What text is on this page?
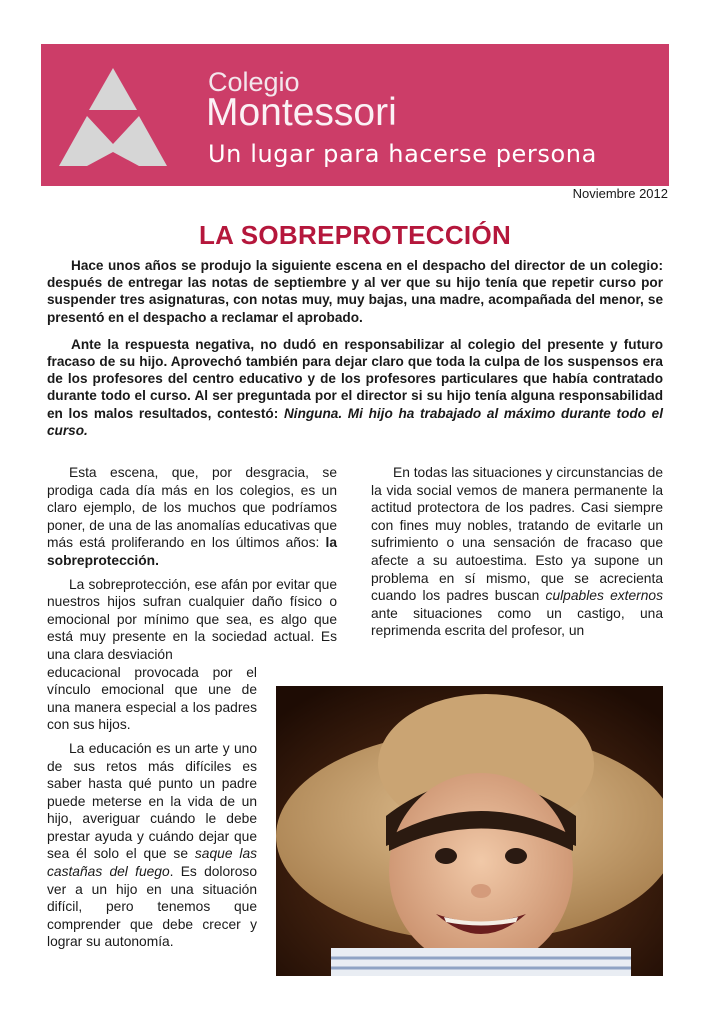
Colegio
Montessori
Un lugar para hacerse persona
Noviembre 2012
LA SOBREPROTECCIÓN

Hace unos años se produjo la siguiente escena en el despacho del director de un colegio: después de entregar las notas de septiembre y al ver que su hijo tenía que repetir curso por suspender tres asignaturas, con notas muy, muy bajas, una madre, acompañada del menor, se presentó en el despacho a reclamar el aprobado.

Ante la respuesta negativa, no dudó en responsabilizar al colegio del presente y futuro fracaso de su hijo. Aprovechó también para dejar claro que toda la culpa de los suspensos era de los profesores del centro educativo y de los profesores particulares que había contratado durante todo el curso. Al ser preguntada por el director si su hijo tenía alguna responsabilidad en los malos resultados, contestó: Ninguna. Mi hijo ha trabajado al máximo durante todo el curso.

Esta escena, que, por desgracia, se prodiga cada día más en los colegios, es un claro ejemplo, de los muchos que podríamos poner, de una de las anomalías educativas que más está proliferando en los últimos años: la sobreprotección.

La sobreprotección, ese afán por evitar que nuestros hijos sufran cualquier daño físico o emocional por mínimo que sea, es algo que está muy presente en la sociedad actual. Es una clara desviación

educacional provocada por el vínculo emocional que une de una manera especial a los padres con sus hijos.

La educación es un arte y uno de sus retos más difíciles es saber hasta qué punto un padre puede meterse en la vida de un hijo, averiguar cuándo le debe prestar ayuda y cuándo dejar que sea él solo el que se saque las castañas del fuego. Es doloroso ver a un hijo en una situación difícil, pero tenemos que comprender que debe crecer y lograr su autonomía.

En todas las situaciones y circunstancias de la vida social vemos de manera permanente la actitud protectora de los padres. Casi siempre con fines muy nobles, tratando de evitarle un sufrimiento o una sensación de fracaso que afecte a su autoestima. Esto ya supone un problema en sí mismo, que se acrecienta cuando los padres buscan culpables externos ante situaciones como un castigo, una reprimenda escrita del profesor, un
